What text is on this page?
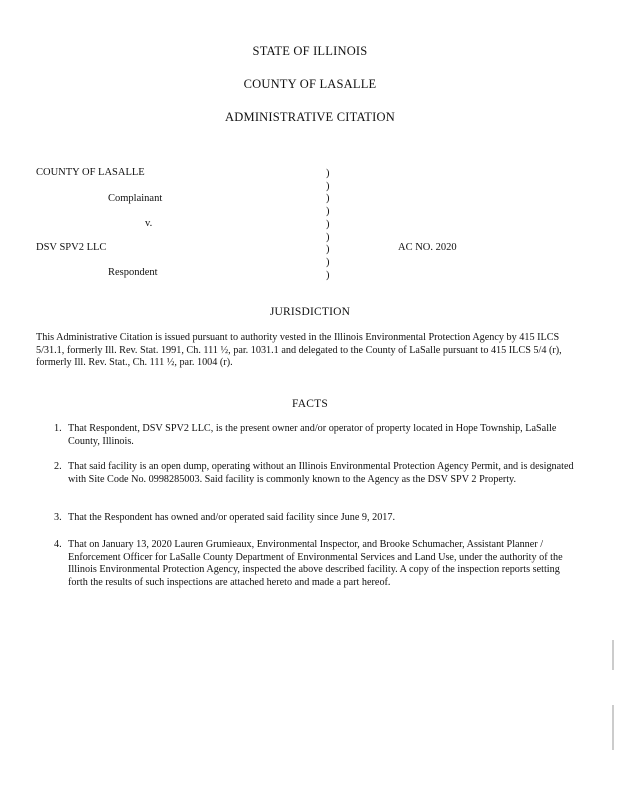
STATE OF ILLINOIS
COUNTY OF LASALLE
ADMINISTRATIVE CITATION
COUNTY OF LASALLE
Complainant
v.
DSV SPV2 LLC
Respondent
)
)
)
)
)
)
)
)
)
AC NO. 2020
JURISDICTION
This Administrative Citation is issued pursuant to authority vested in the Illinois Environmental Protection Agency by 415 ILCS 5/31.1, formerly Ill. Rev. Stat. 1991, Ch. 111 ½, par. 1031.1 and delegated to the County of LaSalle pursuant to 415 ILCS 5/4 (r), formerly Ill. Rev. Stat., Ch. 111 ½, par. 1004 (r).
FACTS
1. That Respondent, DSV SPV2 LLC, is the present owner and/or operator of property located in Hope Township, LaSalle County, Illinois.
2. That said facility is an open dump, operating without an Illinois Environmental Protection Agency Permit, and is designated with Site Code No. 0998285003. Said facility is commonly known to the Agency as the DSV SPV 2 Property.
3. That the Respondent has owned and/or operated said facility since June 9, 2017.
4. That on January 13, 2020 Lauren Grumieaux, Environmental Inspector, and Brooke Schumacher, Assistant Planner / Enforcement Officer for LaSalle County Department of Environmental Services and Land Use, under the authority of the Illinois Environmental Protection Agency, inspected the above described facility. A copy of the inspection reports setting forth the results of such inspections are attached hereto and made a part hereof.
